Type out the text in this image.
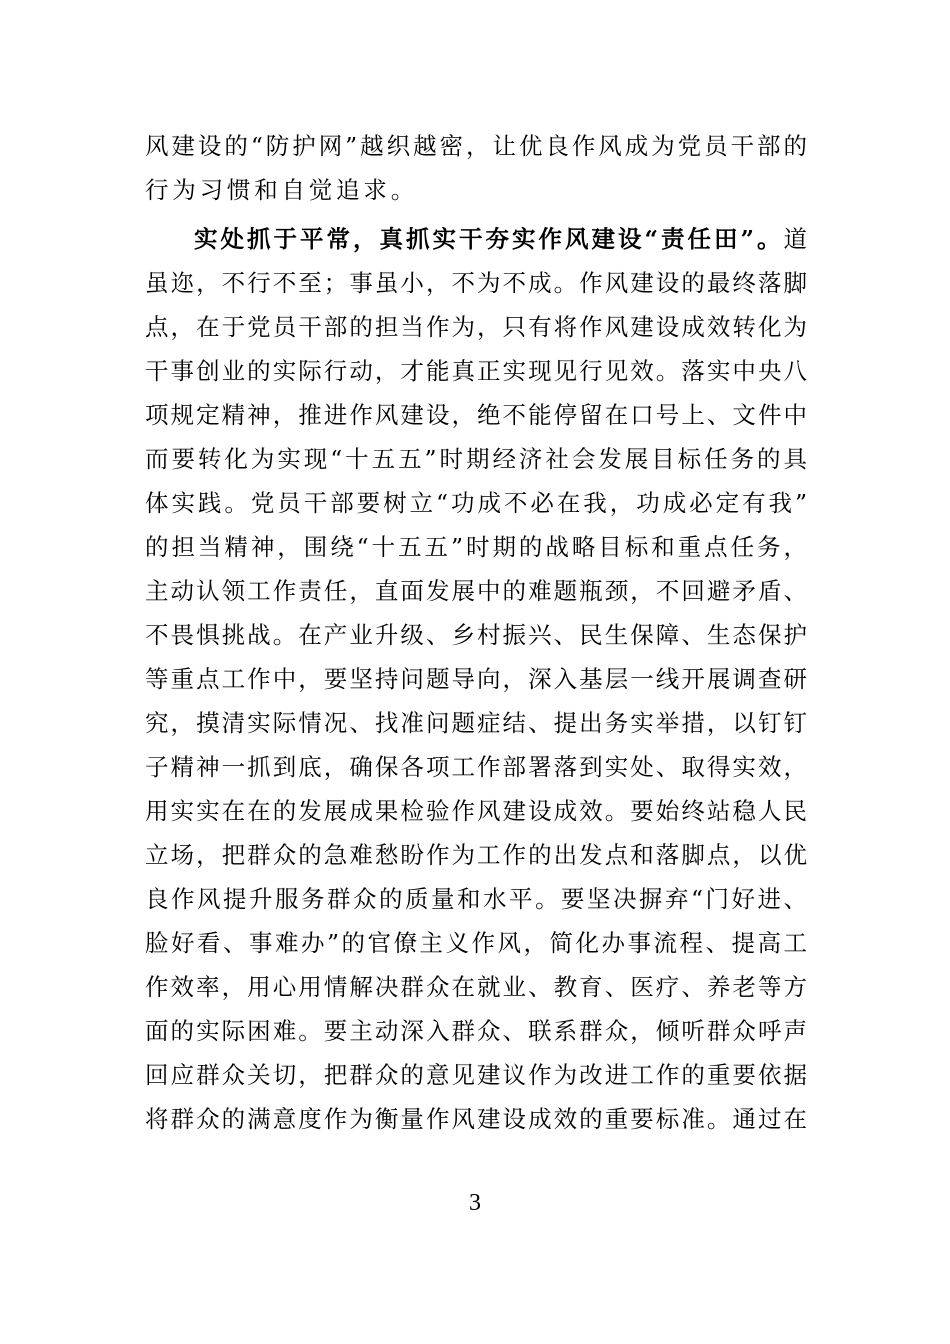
风建设的“防护网”越织越密，让优良作风成为党员干部的
行为习惯和自觉追求。
实处抓于平常，真抓实干夯实作风建设“责任田”。道
虽迩，不行不至；事虽小，不为不成。作风建设的最终落脚
点，在于党员干部的担当作为，只有将作风建设成效转化为
干事创业的实际行动，才能真正实现见行见效。落实中央八
项规定精神，推进作风建设，绝不能停留在口号上、文件中
而要转化为实现“十五五”时期经济社会发展目标任务的具
体实践。党员干部要树立“功成不必在我，功成必定有我”
的担当精神，围绕“十五五”时期的战略目标和重点任务，
主动认领工作责任，直面发展中的难题瓶颈，不回避矛盾、
不畏惧挑战。在产业升级、乡村振兴、民生保障、生态保护
等重点工作中，要坚持问题导向，深入基层一线开展调查研
究，摸清实际情况、找准问题症结、提出务实举措，以钉钉
子精神一抓到底，确保各项工作部署落到实处、取得实效，
用实实在在的发展成果检验作风建设成效。要始终站稳人民
立场，把群众的急难愁盼作为工作的出发点和落脚点，以优
良作风提升服务群众的质量和水平。要坚决摒弃“门好进、
脸好看、事难办”的官僚主义作风，简化办事流程、提高工
作效率，用心用情解决群众在就业、教育、医疗、养老等方
面的实际困难。要主动深入群众、联系群众，倾听群众呼声
回应群众关切，把群众的意见建议作为改进工作的重要依据
将群众的满意度作为衡量作风建设成效的重要标准。通过在
3
